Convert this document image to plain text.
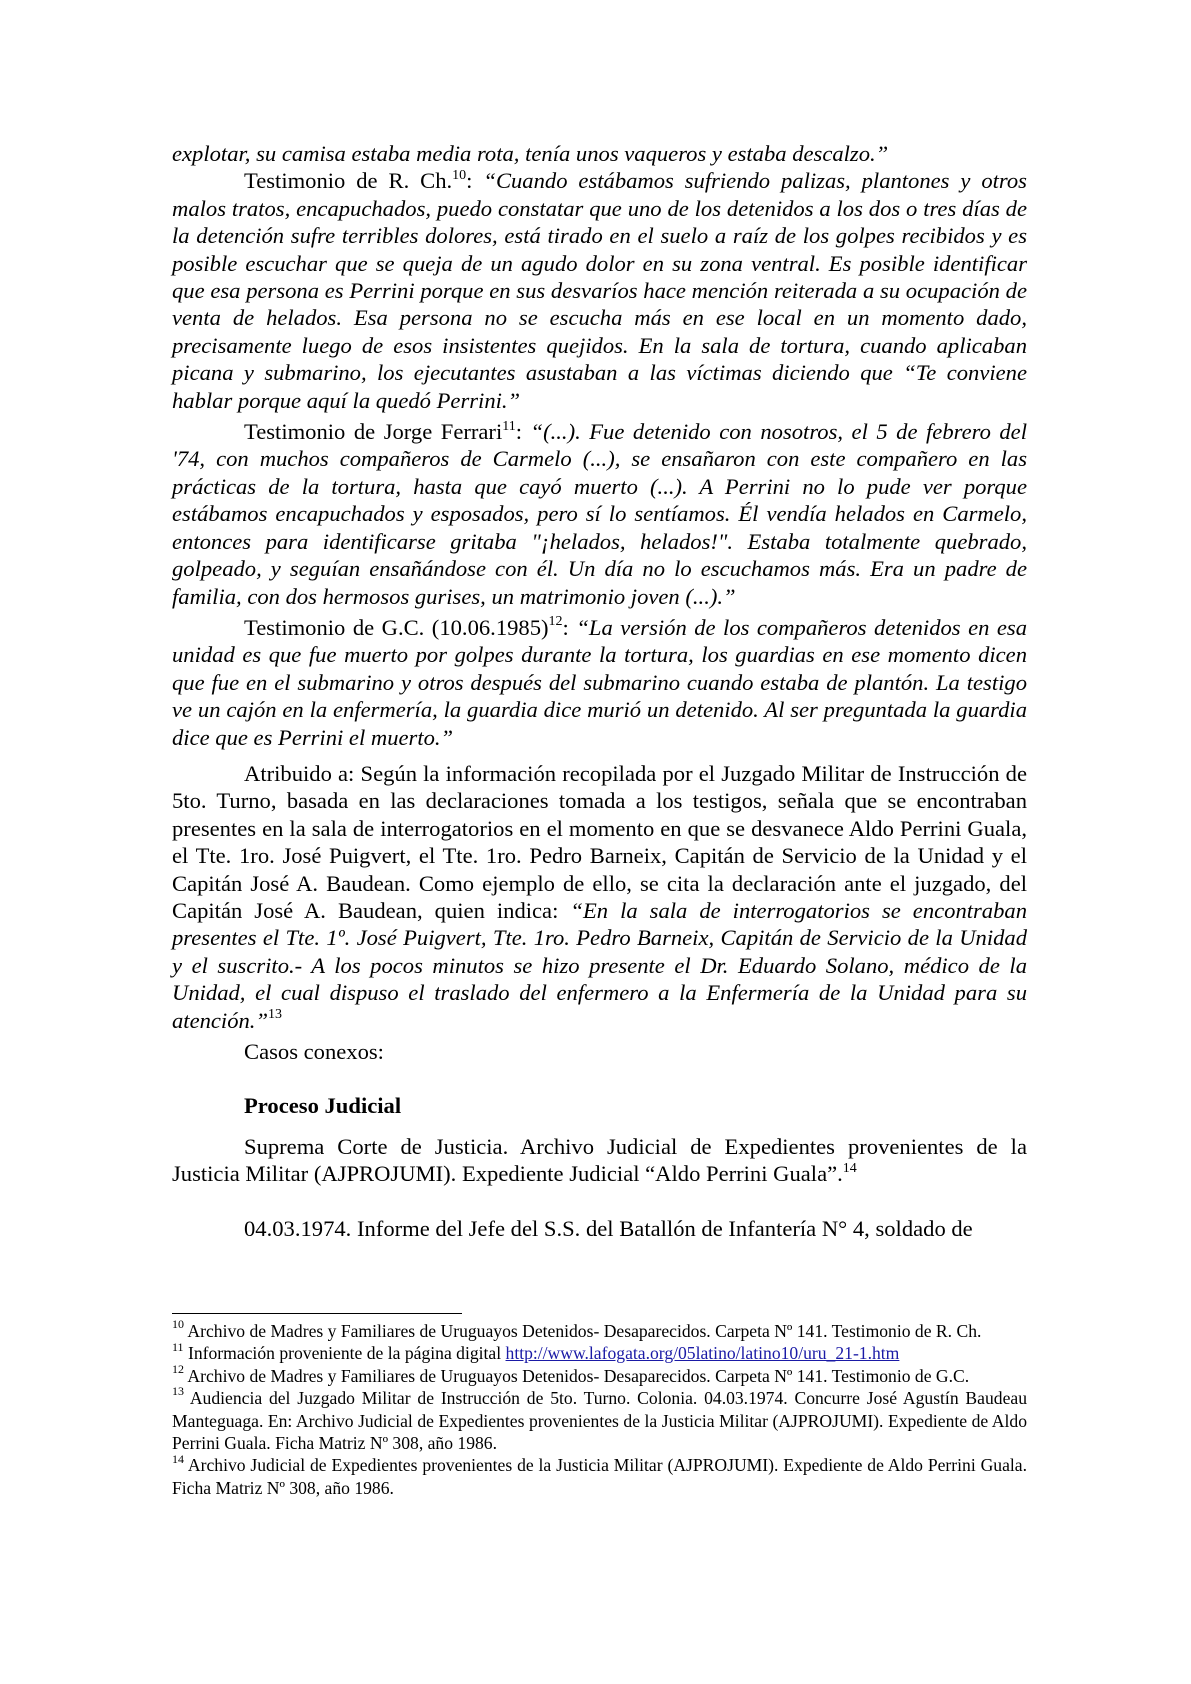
explotar, su camisa estaba media rota, tenía unos vaqueros y estaba descalzo.”

Testimonio de R. Ch.$^{10}$: “Cuando estábamos sufriendo palizas, plantones y otros malos tratos, encapuchados, puedo constatar que uno de los detenidos a los dos o tres días de la detención sufre terribles dolores, está tirado en el suelo a raíz de los golpes recibidos y es posible escuchar que se queja de un agudo dolor en su zona ventral. Es posible identificar que esa persona es Perrini porque en sus desvaríos hace mención reiterada a su ocupación de venta de helados. Esa persona no se escucha más en ese local en un momento dado, precisamente luego de esos insistentes quejidos. En la sala de tortura, cuando aplicaban picana y submarino, los ejecutantes asustaban a las víctimas diciendo que “Te conviene hablar porque aquí la quedó Perrini.”

Testimonio de Jorge Ferrari$^{11}$: “(...). Fue detenido con nosotros, el 5 de febrero del '74, con muchos compañeros de Carmelo (...), se ensañaron con este compañero en las prácticas de la tortura, hasta que cayó muerto (...). A Perrini no lo pude ver porque estábamos encapuchados y esposados, pero sí lo sentíamos. Él vendía helados en Carmelo, entonces para identificarse gritaba "¡helados, helados!". Estaba totalmente quebrado, golpeado, y seguían ensañándose con él. Un día no lo escuchamos más. Era un padre de familia, con dos hermosos gurises, un matrimonio joven (...).”

Testimonio de G.C. $(10.06.1985)^{12}$: “La versión de los compañeros detenidos en esa unidad es que fue muerto por golpes durante la tortura, los guardias en ese momento dicen que fue en el submarino y otros después del submarino cuando estaba de plantón. La testigo ve un cajón en la enfermería, la guardia dice murió un detenido. Al ser preguntada la guardia dice que es Perrini el muerto.”

Atribuido a: Según la información recopilada por el Juzgado Militar de Instrucción de 5to. Turno, basada en las declaraciones tomada a los testigos, señala que se encontraban presentes en la sala de interrogatorios en el momento en que se desvanece Aldo Perrini Guala, el Tte. 1ro. José Puigvert, el Tte. 1ro. Pedro Barneix, Capitán de Servicio de la Unidad y el Capitán José A. Baudean. Como ejemplo de ello, se cita la declaración ante el juzgado, del Capitán José A. Baudean, quien indica: “En la sala de interrogatorios se encontraban presentes el Tte. 1º. José Puigvert, Tte. 1ro. Pedro Barneix, Capitán de Servicio de la Unidad y el suscrito.- A los pocos minutos se hizo presente el Dr. Eduardo Solano, médico de la Unidad, el cual dispuso el traslado del enfermero a la Enfermería de la Unidad para su atención.”$^{13}$

Casos conexos:

Proceso Judicial

Suprema Corte de Justicia. Archivo Judicial de Expedientes provenientes de la Justicia Militar (AJPROJUMI). Expediente Judicial “Aldo Perrini Guala”.$^{14}$

04.03.1974. Informe del Jefe del S.S. del Batallón de Infantería N° 4, soldado de

$^{10}$ Archivo de Madres y Familiares de Uruguayos Detenidos- Desaparecidos. Carpeta Nº 141. Testimonio de R. Ch.

$^{11}$ Información proveniente de la página digital http://www.lafogata.org/05latino/latino10/uru_21-1.htm

$^{12}$ Archivo de Madres y Familiares de Uruguayos Detenidos- Desaparecidos. Carpeta Nº 141. Testimonio de G.C.

$^{13}$ Audiencia del Juzgado Militar de Instrucción de 5to. Turno. Colonia. 04.03.1974. Concurre José Agustín Baudeau Manteguaga. En: Archivo Judicial de Expedientes provenientes de la Justicia Militar (AJPROJUMI). Expediente de Aldo Perrini Guala. Ficha Matriz Nº 308, año 1986.

$^{14}$ Archivo Judicial de Expedientes provenientes de la Justicia Militar (AJPROJUMI). Expediente de Aldo Perrini Guala. Ficha Matriz Nº 308, año 1986.
